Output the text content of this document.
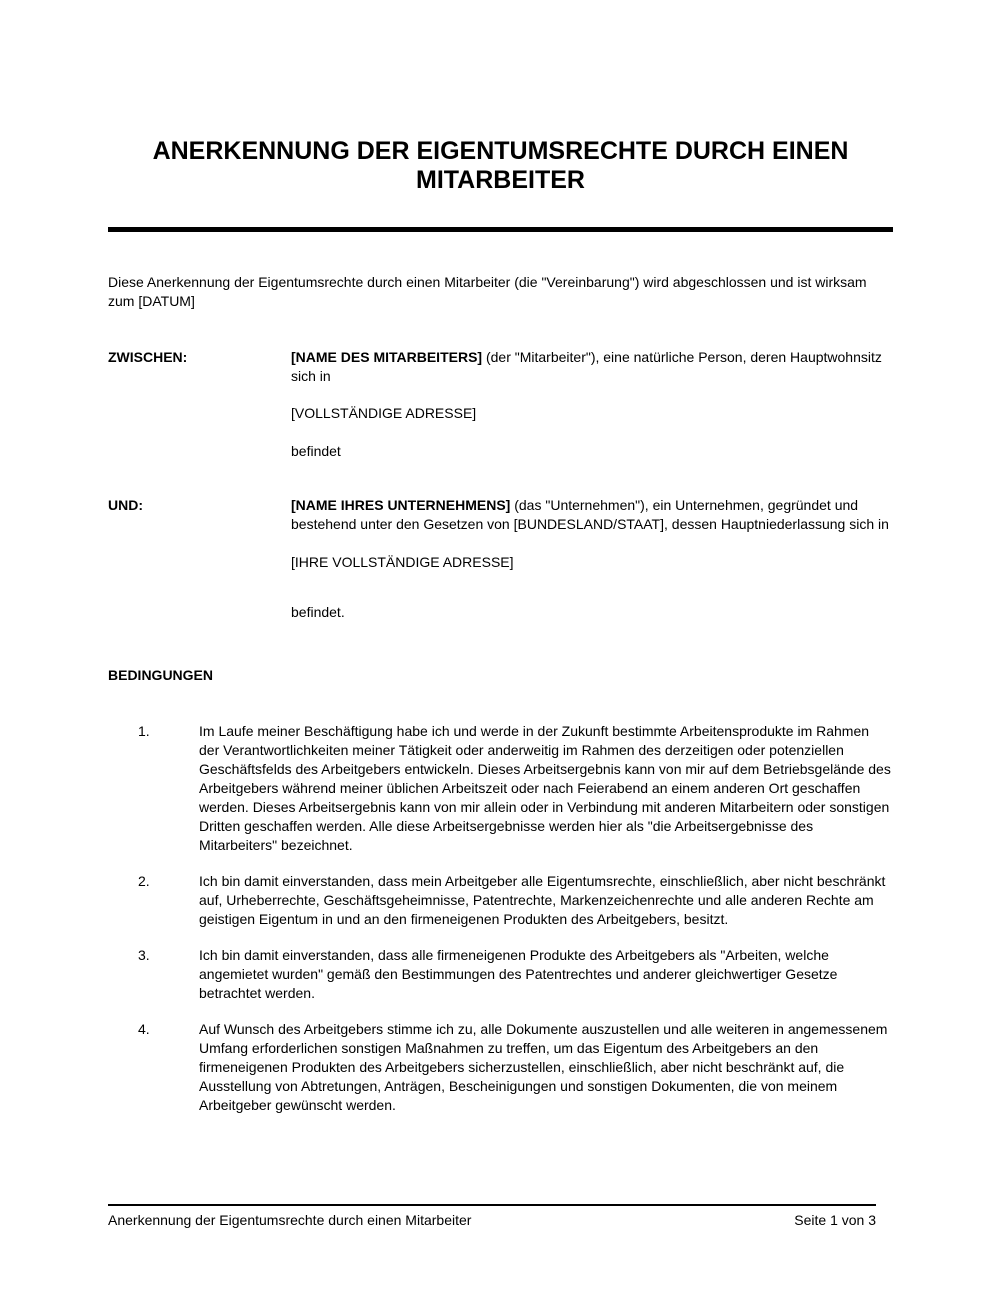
ANERKENNUNG DER EIGENTUMSRECHTE DURCH EINEN
MITARBEITER

Diese Anerkennung der Eigentumsrechte durch einen Mitarbeiter (die "Vereinbarung") wird abgeschlossen und ist wirksam zum [DATUM]

ZWISCHEN:	[NAME DES MITARBEITERS] (der "Mitarbeiter"), eine natürliche Person, deren Hauptwohnsitz sich in

[VOLLSTÄNDIGE ADRESSE]

befindet

UND:	[NAME IHRES UNTERNEHMENS] (das "Unternehmen"), ein Unternehmen, gegründet und bestehend unter den Gesetzen von [BUNDESLAND/STAAT], dessen Hauptniederlassung sich in

[IHRE VOLLSTÄNDIGE ADRESSE]

befindet.

BEDINGUNGEN
1.	Im Laufe meiner Beschäftigung habe ich und werde in der Zukunft bestimmte Arbeitensprodukte im Rahmen der Verantwortlichkeiten meiner Tätigkeit oder anderweitig im Rahmen des derzeitigen oder potenziellen Geschäftsfelds des Arbeitgebers entwickeln. Dieses Arbeitsergebnis kann von mir auf dem Betriebsgelände des Arbeitgebers während meiner üblichen Arbeitszeit oder nach Feierabend an einem anderen Ort geschaffen werden. Dieses Arbeitsergebnis kann von mir allein oder in Verbindung mit anderen Mitarbeitern oder sonstigen Dritten geschaffen werden. Alle diese Arbeitsergebnisse werden hier als "die Arbeitsergebnisse des Mitarbeiters" bezeichnet.
2.	Ich bin damit einverstanden, dass mein Arbeitgeber alle Eigentumsrechte, einschließlich, aber nicht beschränkt auf, Urheberrechte, Geschäftsgeheimnisse, Patentrechte, Markenzeichenrechte und alle anderen Rechte am geistigen Eigentum in und an den firmeneigenen Produkten des Arbeitgebers, besitzt.
3.	Ich bin damit einverstanden, dass alle firmeneigenen Produkte des Arbeitgebers als "Arbeiten, welche angemietet wurden" gemäß den Bestimmungen des Patentrechtes und anderer gleichwertiger Gesetze betrachtet werden.
4.	Auf Wunsch des Arbeitgebers stimme ich zu, alle Dokumente auszustellen und alle weiteren in angemessenem Umfang erforderlichen sonstigen Maßnahmen zu treffen, um das Eigentum des Arbeitgebers an den firmeneigenen Produkten des Arbeitgebers sicherzustellen, einschließlich, aber nicht beschränkt auf, die Ausstellung von Abtretungen, Anträgen, Bescheinigungen und sonstigen Dokumenten, die von meinem Arbeitgeber gewünscht werden.
Anerkennung der Eigentumsrechte durch einen Mitarbeiter	Seite 1 von 3
